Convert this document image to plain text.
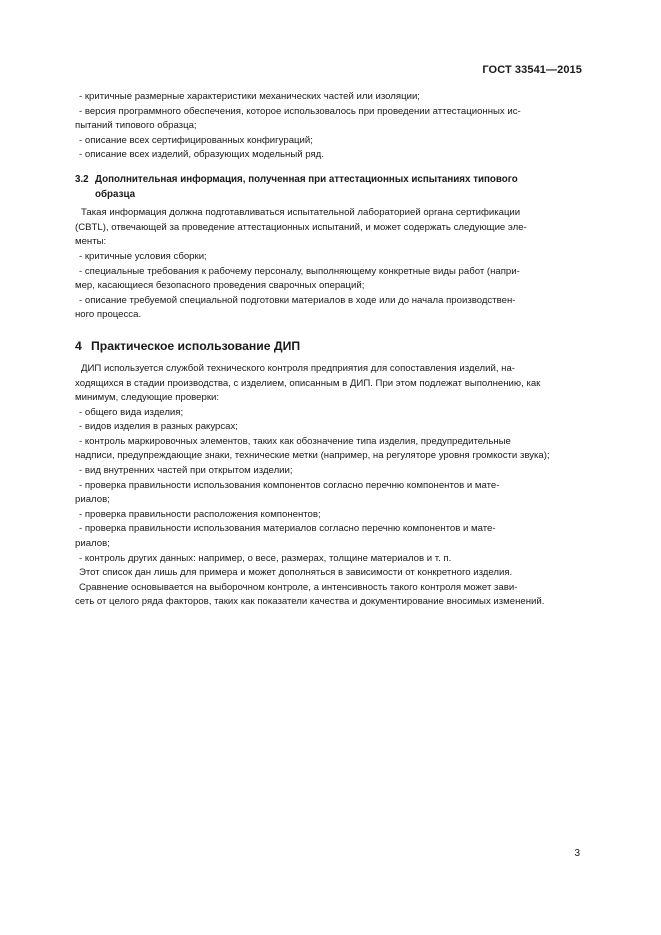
ГОСТ 33541—2015
- критичные размерные характеристики механических частей или изоляции;
- версия программного обеспечения, которое использовалось при проведении аттестационных ис-
пытаний типового образца;
- описание всех сертифицированных конфигураций;
- описание всех изделий, образующих модельный ряд.
3.2 Дополнительная информация, полученная при аттестационных испытаниях типового
образца
Такая информация должна подготавливаться испытательной лабораторией органа сертификации
(CBTL), отвечающей за проведение аттестационных испытаний, и может содержать следующие эле-
менты:
- критичные условия сборки;
- специальные требования к рабочему персоналу, выполняющему конкретные виды работ (напри-
мер, касающиеся безопасного проведения сварочных операций;
- описание требуемой специальной подготовки материалов в ходе или до начала производствен-
ного процесса.
4 Практическое использование ДИП
ДИП используется службой технического контроля предприятия для сопоставления изделий, на-
ходящихся в стадии производства, с изделием, описанным в ДИП. При этом подлежат выполнению, как
минимум, следующие проверки:
- общего вида изделия;
- видов изделия в разных ракурсах;
- контроль маркировочных элементов, таких как обозначение типа изделия, предупредительные
надписи, предупреждающие знаки, технические метки (например, на регуляторе уровня громкости звука);
- вид внутренних частей при открытом изделии;
- проверка правильности использования компонентов согласно перечню компонентов и мате-
риалов;
- проверка правильности расположения компонентов;
- проверка правильности использования материалов согласно перечню компонентов и мате-
риалов;
- контроль других данных: например, о весе, размерах, толщине материалов и т. п.
Этот список дан лишь для примера и может дополняться в зависимости от конкретного изделия.
Сравнение основывается на выборочном контроле, а интенсивность такого контроля может зави-
сеть от целого ряда факторов, таких как показатели качества и документирование вносимых изменений.
3
